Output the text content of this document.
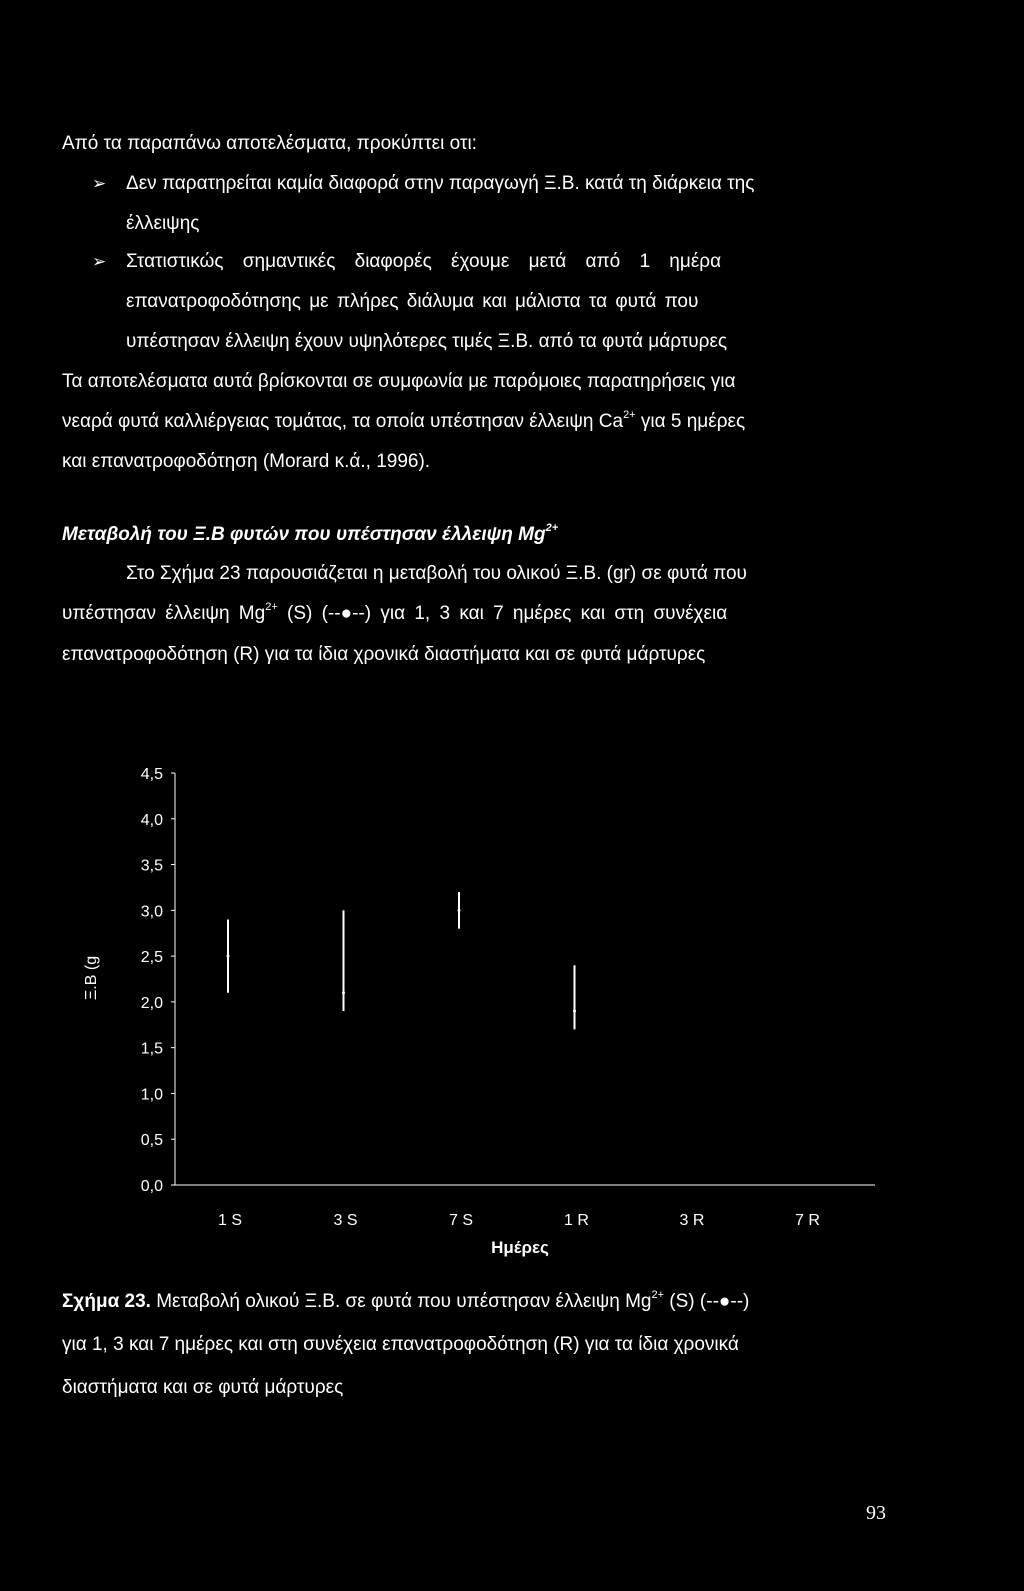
Από τα παραπάνω αποτελέσματα, προκύπτει οτι:
➢ Δεν παρατηρείται καμία διαφορά στην παραγωγή Ξ.Β. κατά τη διάρκεια της
έλλειψης
➢ Στατιστικώς σημαντικές διαφορές έχουμε μετά από 1 ημέρα
επανατροφοδότησης με πλήρες διάλυμα και μάλιστα τα φυτά που
υπέστησαν έλλειψη έχουν υψηλότερες τιμές Ξ.Β. από τα φυτά μάρτυρες
Τα αποτελέσματα αυτά βρίσκονται σε συμφωνία με παρόμοιες παρατηρήσεις για
νεαρά φυτά καλλιέργειας τομάτας, τα οποία υπέστησαν έλλειψη $Ca^{2+}$ για 5 ημέρες
και επανατροφοδότηση (Morard κ.ά., 1996).
Μεταβολή του Ξ.Β φυτών που υπέστησαν έλλειψη $Mg^{2+}$
Στο Σχήμα 23 παρουσιάζεται η μεταβολή του ολικού Ξ.Β. (gr) σε φυτά που
υπέστησαν έλλειψη $Mg^{2+}$ (S) (--●--) για 1, 3 και 7 ημέρες και στη συνέχεια
επανατροφοδότηση (R) για τα ίδια χρονικά διαστήματα και σε φυτά μάρτυρες
0,0
0,5
1,0
1,5
2,0
2,5
3,0
3,5
4,0
4,5
1 S	3 S	7 S	1 R	3 R	7 R
Ξ.Β (g
Ημέρες
Σχήμα 23. Μεταβολή ολικού Ξ.Β. σε φυτά που υπέστησαν έλλειψη $Mg^{2+}$ (S) (--●--)
για 1, 3 και 7 ημέρες και στη συνέχεια επανατροφοδότηση (R) για τα ίδια χρονικά
διαστήματα και σε φυτά μάρτυρες
93
